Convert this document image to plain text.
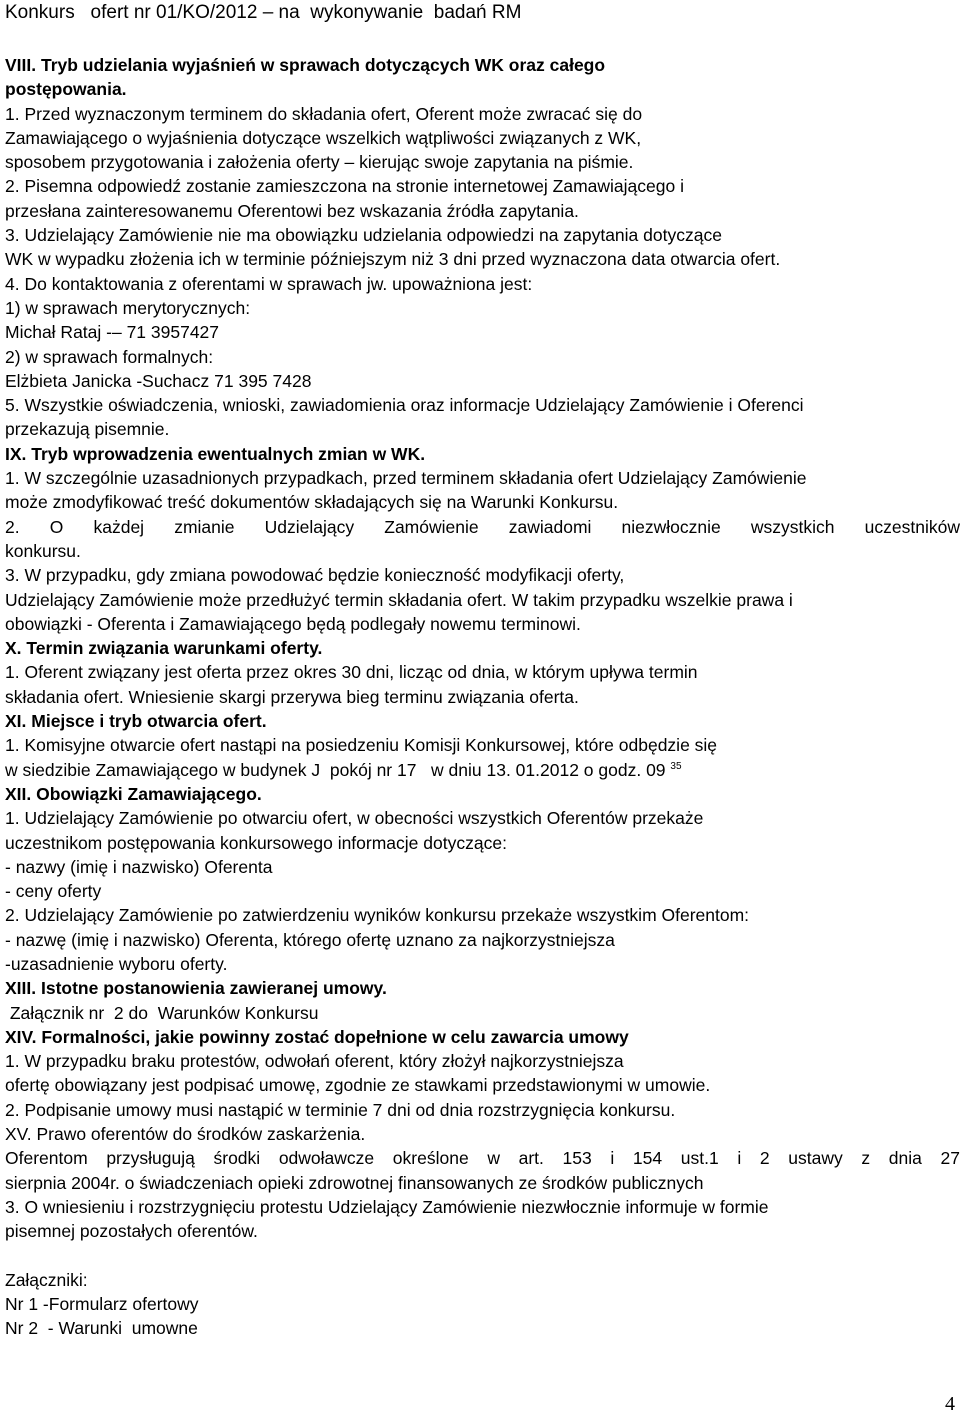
Konkurs   ofert nr 01/KO/2012 – na  wykonywanie  badań RM
VIII. Tryb udzielania wyjaśnień w sprawach dotyczących WK oraz całego
postępowania.
1. Przed wyznaczonym terminem do składania ofert, Oferent może zwracać się do
Zamawiającego o wyjaśnienia dotyczące wszelkich wątpliwości związanych z WK,
sposobem przygotowania i założenia oferty – kierując swoje zapytania na piśmie.
2. Pisemna odpowiedź zostanie zamieszczona na stronie internetowej Zamawiającego i
przesłana zainteresowanemu Oferentowi bez wskazania źródła zapytania.
3. Udzielający Zamówienie nie ma obowiązku udzielania odpowiedzi na zapytania dotyczące
WK w wypadku złożenia ich w terminie późniejszym niż 3 dni przed wyznaczona data otwarcia ofert.
4. Do kontaktowania z oferentami w sprawach jw. upoważniona jest:
1) w sprawach merytorycznych:
Michał Rataj -– 71 3957427
2) w sprawach formalnych:
Elżbieta Janicka -Suchacz 71 395 7428
5. Wszystkie oświadczenia, wnioski, zawiadomienia oraz informacje Udzielający Zamówienie i Oferenci
przekazują pisemnie.
IX. Tryb wprowadzenia ewentualnych zmian w WK.
1. W szczególnie uzasadnionych przypadkach, przed terminem składania ofert Udzielający Zamówienie
może zmodyfikować treść dokumentów składających się na Warunki Konkursu.
2. O każdej zmianie Udzielający Zamówienie zawiadomi niezwłocznie wszystkich uczestników
konkursu.
3. W przypadku, gdy zmiana powodować będzie konieczność modyfikacji oferty,
Udzielający Zamówienie może przedłużyć termin składania ofert. W takim przypadku wszelkie prawa i
obowiązki - Oferenta i Zamawiającego będą podlegały nowemu terminowi.
X. Termin związania warunkami oferty.
1. Oferent związany jest oferta przez okres 30 dni, licząc od dnia, w którym upływa termin
składania ofert. Wniesienie skargi przerywa bieg terminu związania oferta.
XI. Miejsce i tryb otwarcia ofert.
1. Komisyjne otwarcie ofert nastąpi na posiedzeniu Komisji Konkursowej, które odbędzie się
w siedzibie Zamawiającego w budynek J  pokój nr 17   w dniu 13. 01.2012 o godz. 09 $^{35}$
XII. Obowiązki Zamawiającego.
1. Udzielający Zamówienie po otwarciu ofert, w obecności wszystkich Oferentów przekaże
uczestnikom postępowania konkursowego informacje dotyczące:
- nazwy (imię i nazwisko) Oferenta
- ceny oferty
2. Udzielający Zamówienie po zatwierdzeniu wyników konkursu przekaże wszystkim Oferentom:
- nazwę (imię i nazwisko) Oferenta, którego ofertę uznano za najkorzystniejsza
-uzasadnienie wyboru oferty.
XIII. Istotne postanowienia zawieranej umowy.
Załącznik nr  2 do  Warunków Konkursu
XIV. Formalności, jakie powinny zostać dopełnione w celu zawarcia umowy
1. W przypadku braku protestów, odwołań oferent, który złożył najkorzystniejsza
ofertę obowiązany jest podpisać umowę, zgodnie ze stawkami przedstawionymi w umowie.
2. Podpisanie umowy musi nastąpić w terminie 7 dni od dnia rozstrzygnięcia konkursu.
XV. Prawo oferentów do środków zaskarżenia.
Oferentom przysługują środki odwoławcze określone w art. 153 i 154 ust.1 i 2 ustawy z dnia 27
sierpnia 2004r. o świadczeniach opieki zdrowotnej finansowanych ze środków publicznych
3. O wniesieniu i rozstrzygnięciu protestu Udzielający Zamówienie niezwłocznie informuje w formie
pisemnej pozostałych oferentów.
Załączniki:
Nr 1 -Formularz ofertowy
Nr 2  - Warunki  umowne
4
